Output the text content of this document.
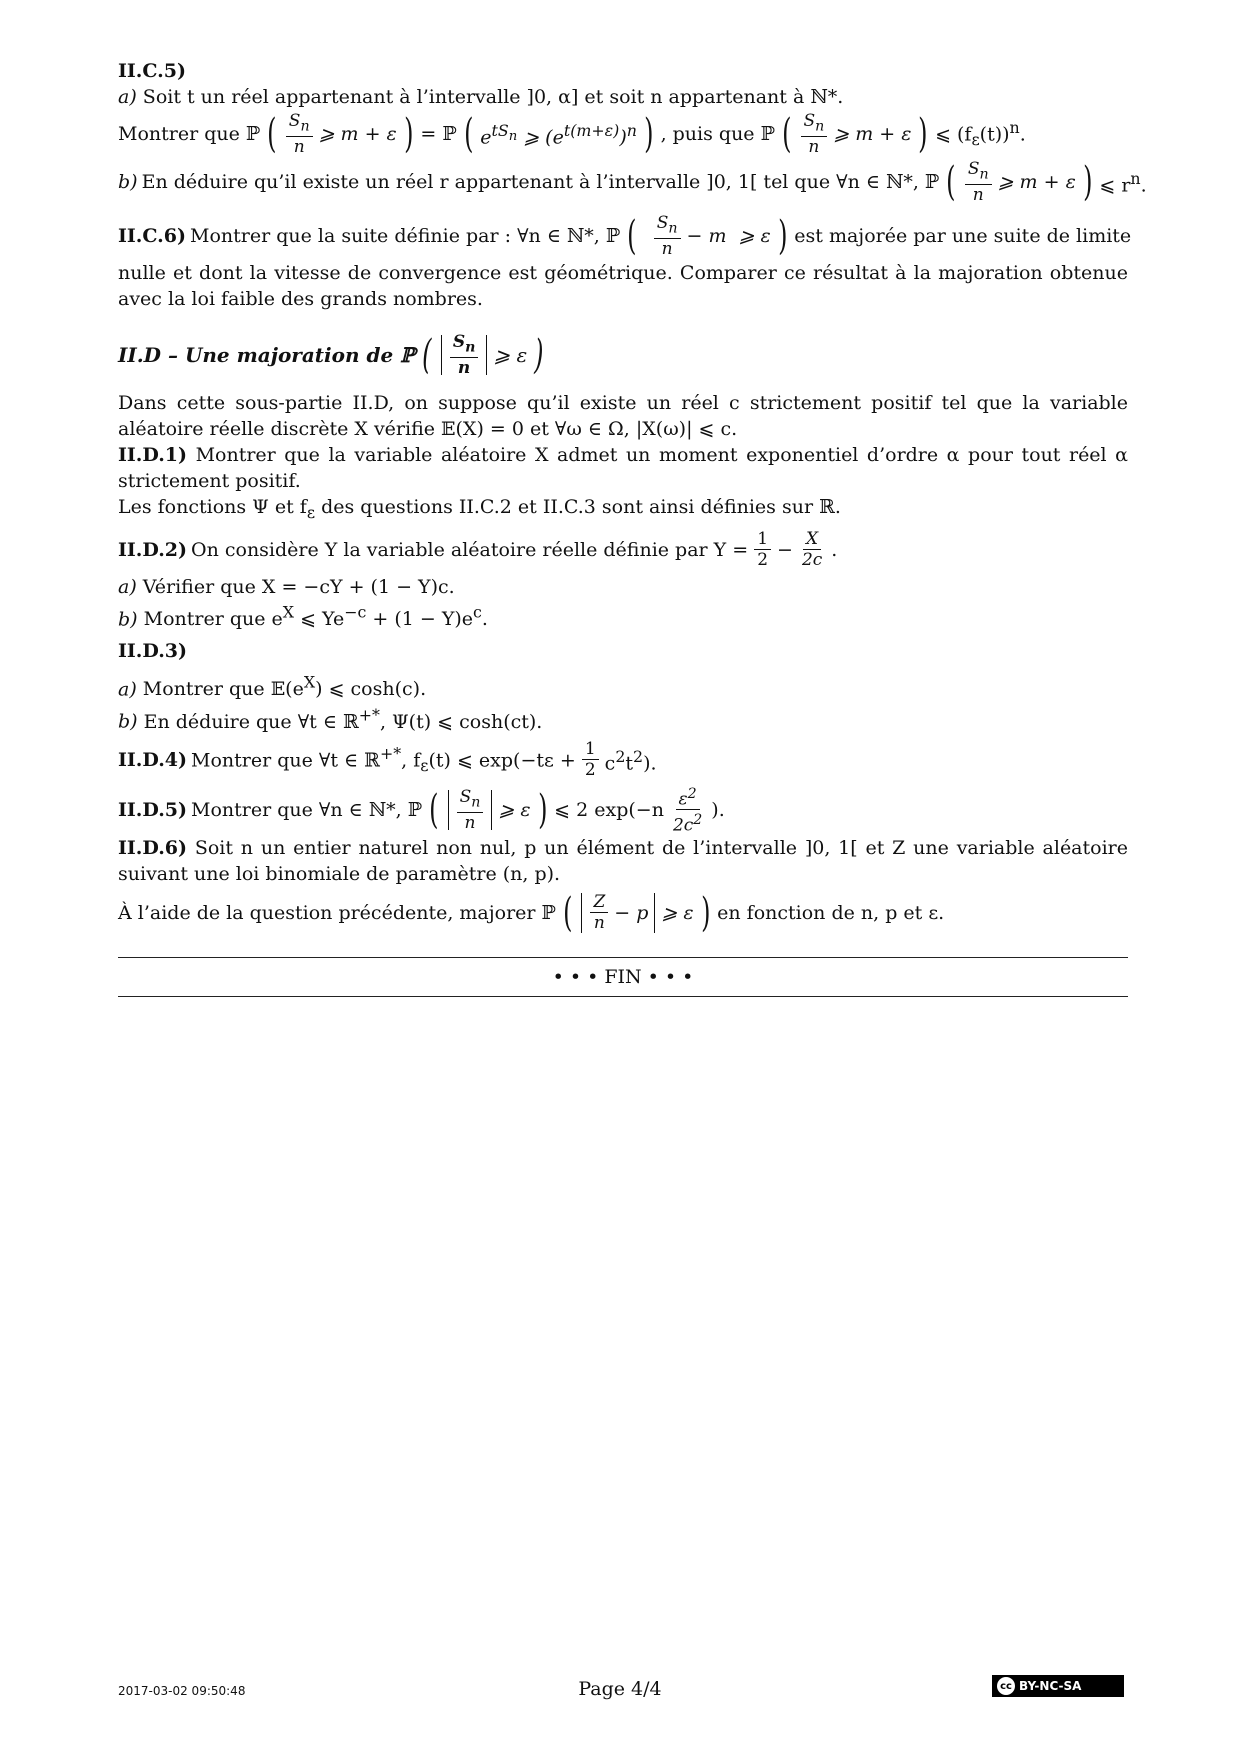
II.C.5)
a) Soit t un réel appartenant à l’intervalle ]0, α] et soit n appartenant à ℕ*.
Montrer que ℙ ( $\frac{S_n}{n}$ ⩾ m + ε ) = ℙ ( $e^{tS_n}$ ⩾ $(e^{t(m+\varepsilon)})^n$ ) , puis que ℙ ( $\frac{S_n}{n}$ ⩾ m + ε ) ⩽ $(f_\varepsilon(t))^n$.
b) En déduire qu’il existe un réel r appartenant à l’intervalle ]0, 1[ tel que ∀n ∈ ℕ*, ℙ ( $\frac{S_n}{n}$ ⩾ m + ε ) ⩽ $r^n$.
II.C.6) Montrer que la suite définie par : ∀n ∈ ℕ*, ℙ ( $\frac{S_n}{n} - m$ ⩾ ε ) est majorée par une suite de limite
nulle et dont la vitesse de convergence est géométrique. Comparer ce résultat à la majoration obtenue avec la loi faible des grands nombres.
II.D – Une majoration de ℙ ( $\frac{S_n}{n}$ ⩾ ε )
Dans cette sous-partie II.D, on suppose qu’il existe un réel c strictement positif tel que la variable aléatoire réelle discrète X vérifie 𝔼(X) = 0 et ∀ω ∈ Ω, |X(ω)| ⩽ c.
II.D.1) Montrer que la variable aléatoire X admet un moment exponentiel d’ordre α pour tout réel α strictement positif.
Les fonctions Ψ et $f_\varepsilon$ des questions II.C.2 et II.C.3 sont ainsi définies sur ℝ.
II.D.2) On considère Y la variable aléatoire réelle définie par $Y = \frac{1}{2} - \frac{X}{2c}$ .
a) Vérifier que X = −cY + (1 − Y)c.
b) Montrer que $e^X$ ⩽ $Ye^{-c} + (1 - Y)e^c$.
II.D.3)
a) Montrer que $𝔼(e^X)$ ⩽ cosh(c).
b) En déduire que ∀t ∈ ℝ+*, Ψ(t) ⩽ cosh(ct).
II.D.4) Montrer que ∀t ∈ ℝ+*, $f_\varepsilon(t)$ ⩽ $\exp(-t\varepsilon + \frac{1}{2} c^2t^2)$.
II.D.5) Montrer que ∀n ∈ ℕ*, ℙ ( $\frac{S_n}{n}$ ⩾ ε ) ⩽ 2 $\exp(-n \frac{\varepsilon^2}{2c^2}$ ).
II.D.6) Soit n un entier naturel non nul, p un élément de l’intervalle ]0, 1[ et Z une variable aléatoire suivant une loi binomiale de paramètre (n, p).
À l’aide de la question précédente, majorer ℙ ( $\frac{Z}{n} - p$ ⩾ ε ) en fonction de n, p et ε.
• • • FIN • • •
2017-03-02 09:50:48	Page 4/4	cc BY-NC-SA
